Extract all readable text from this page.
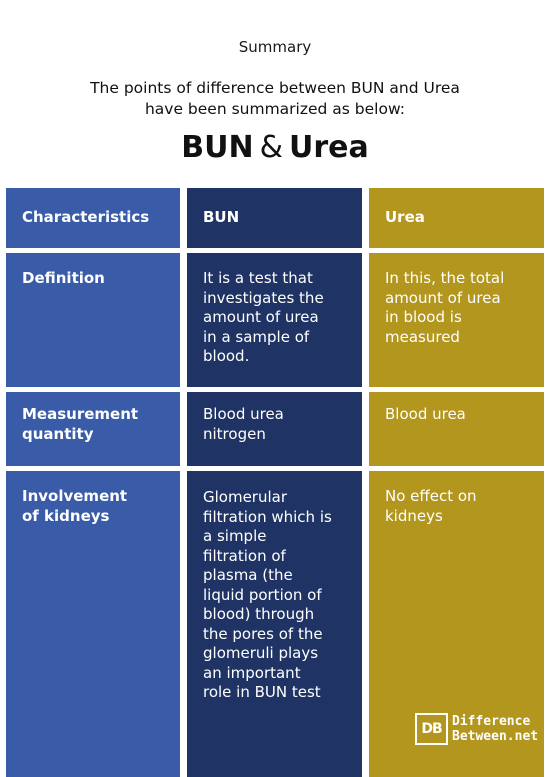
Summary
The points of difference between BUN and Urea
have been summarized as below:
BUN & Urea
Characteristics
Definition
Measurement
quantity
Involvement
of kidneys
BUN
It is a test that
investigates the
amount of urea
in a sample of
blood.
Blood urea
nitrogen
Glomerular
filtration which is
a simple
filtration of
plasma (the
liquid portion of
blood) through
the pores of the
glomeruli plays
an important
role in BUN test
Urea
In this, the total
amount of urea
in blood is
measured
Blood urea
No effect on
kidneys
DB Difference
Between.net
